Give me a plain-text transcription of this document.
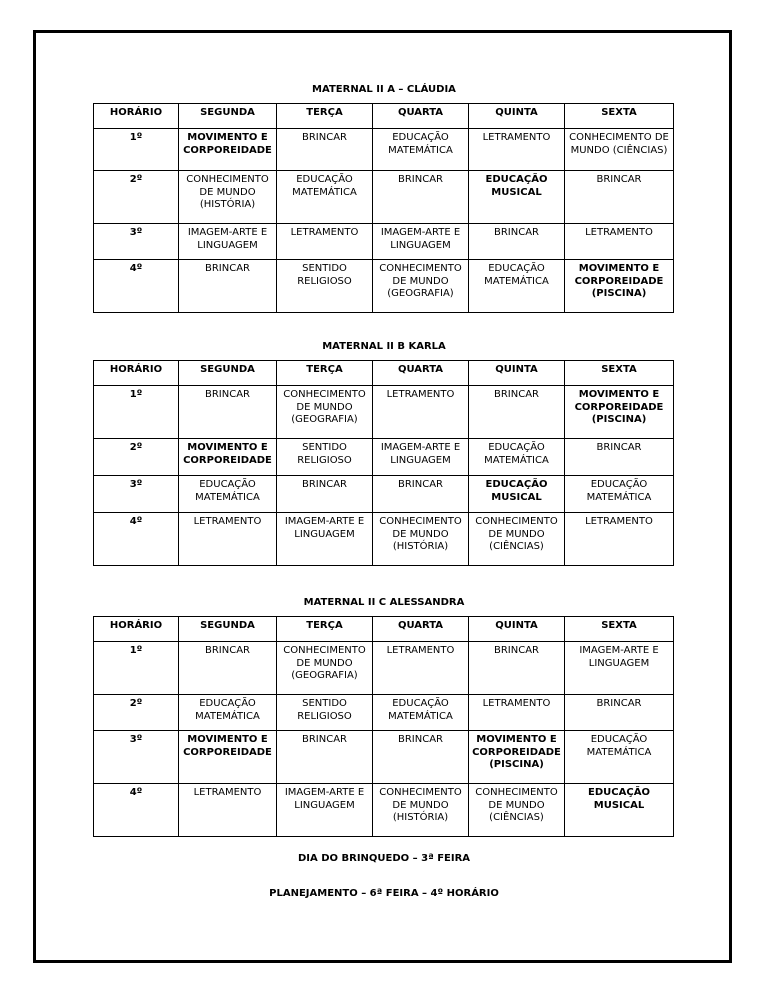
MATERNAL II A – CLÁUDIA
HORÁRIO	SEGUNDA	TERÇA	QUARTA	QUINTA	SEXTA
1º	MOVIMENTO E CORPOREIDADE	BRINCAR	EDUCAÇÃO MATEMÁTICA	LETRAMENTO	CONHECIMENTO DE MUNDO (CIÊNCIAS)
2º	CONHECIMENTO DE MUNDO (HISTÓRIA)	EDUCAÇÃO MATEMÁTICA	BRINCAR	EDUCAÇÃO MUSICAL	BRINCAR
3º	IMAGEM-ARTE E LINGUAGEM	LETRAMENTO	IMAGEM-ARTE E LINGUAGEM	BRINCAR	LETRAMENTO
4º	BRINCAR	SENTIDO RELIGIOSO	CONHECIMENTO DE MUNDO (GEOGRAFIA)	EDUCAÇÃO MATEMÁTICA	MOVIMENTO E CORPOREIDADE (PISCINA)
MATERNAL II B KARLA
HORÁRIO	SEGUNDA	TERÇA	QUARTA	QUINTA	SEXTA
1º	BRINCAR	CONHECIMENTO DE MUNDO (GEOGRAFIA)	LETRAMENTO	BRINCAR	MOVIMENTO E CORPOREIDADE (PISCINA)
2º	MOVIMENTO E CORPOREIDADE	SENTIDO RELIGIOSO	IMAGEM-ARTE E LINGUAGEM	EDUCAÇÃO MATEMÁTICA	BRINCAR
3º	EDUCAÇÃO MATEMÁTICA	BRINCAR	BRINCAR	EDUCAÇÃO MUSICAL	EDUCAÇÃO MATEMÁTICA
4º	LETRAMENTO	IMAGEM-ARTE E LINGUAGEM	CONHECIMENTO DE MUNDO (HISTÓRIA)	CONHECIMENTO DE MUNDO (CIÊNCIAS)	LETRAMENTO
MATERNAL II C ALESSANDRA
HORÁRIO	SEGUNDA	TERÇA	QUARTA	QUINTA	SEXTA
1º	BRINCAR	CONHECIMENTO DE MUNDO (GEOGRAFIA)	LETRAMENTO	BRINCAR	IMAGEM-ARTE E LINGUAGEM
2º	EDUCAÇÃO MATEMÁTICA	SENTIDO RELIGIOSO	EDUCAÇÃO MATEMÁTICA	LETRAMENTO	BRINCAR
3º	MOVIMENTO E CORPOREIDADE	BRINCAR	BRINCAR	MOVIMENTO E CORPOREIDADE (PISCINA)	EDUCAÇÃO MATEMÁTICA
4º	LETRAMENTO	IMAGEM-ARTE E LINGUAGEM	CONHECIMENTO DE MUNDO (HISTÓRIA)	CONHECIMENTO DE MUNDO (CIÊNCIAS)	EDUCAÇÃO MUSICAL
DIA DO BRINQUEDO – 3ª FEIRA
PLANEJAMENTO – 6ª FEIRA – 4º HORÁRIO
